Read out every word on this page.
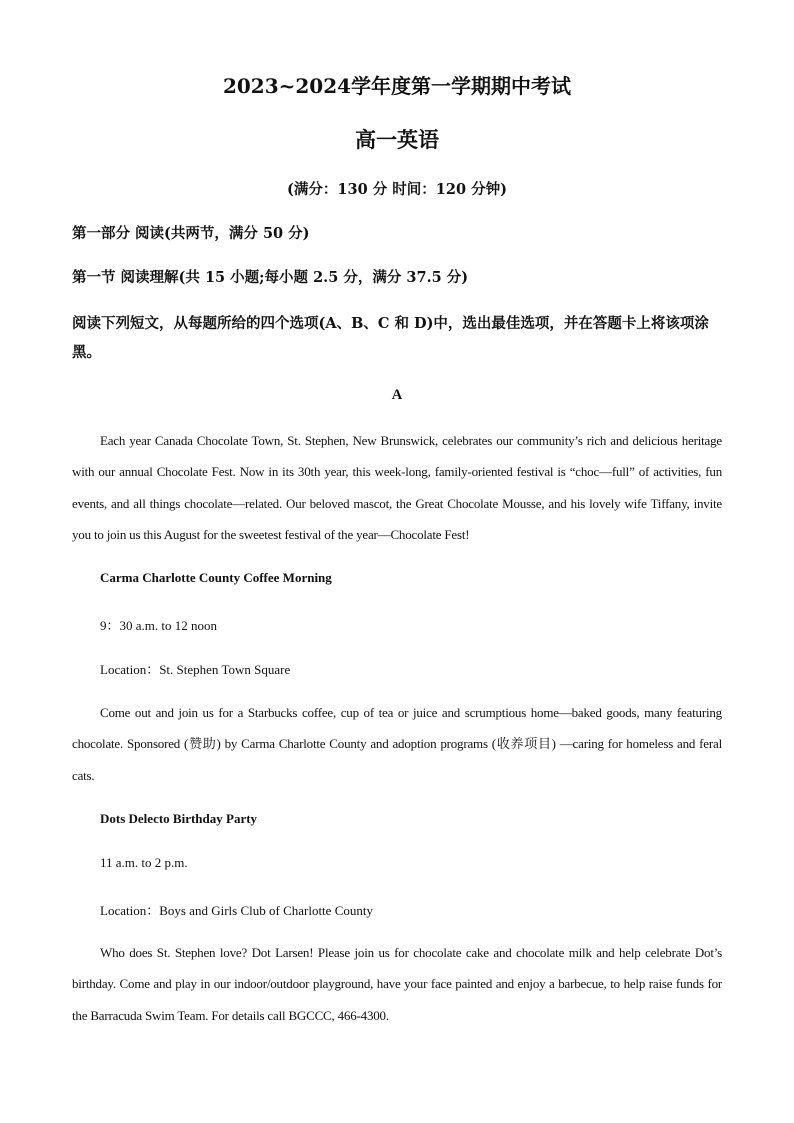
2023~2024学年度第一学期期中考试
高一英语
(满分：130 分 时间：120 分钟)
第一部分 阅读(共两节，满分 50 分)
第一节 阅读理解(共 15 小题;每小题 2.5 分，满分 37.5 分)
阅读下列短文，从每题所给的四个选项(A、B、C 和 D)中，选出最佳选项，并在答题卡上将该项涂黑。
A
Each year Canada Chocolate Town, St. Stephen, New Brunswick, celebrates our community’s rich and delicious heritage with our annual Chocolate Fest. Now in its 30th year, this week-long, family-oriented festival is “choc—full” of activities, fun events, and all things chocolate—related. Our beloved mascot, the Great Chocolate Mousse, and his lovely wife Tiffany, invite you to join us this August for the sweetest festival of the year—Chocolate Fest!
Carma Charlotte County Coffee Morning
9：30 a.m. to 12 noon
Location：St. Stephen Town Square
Come out and join us for a Starbucks coffee, cup of tea or juice and scrumptious home—baked goods, many featuring chocolate. Sponsored (赞助) by Carma Charlotte County and adoption programs (收养项目) —caring for homeless and feral cats.
Dots Delecto Birthday Party
11 a.m. to 2 p.m.
Location：Boys and Girls Club of Charlotte County
Who does St. Stephen love? Dot Larsen! Please join us for chocolate cake and chocolate milk and help celebrate Dot’s birthday. Come and play in our indoor/outdoor playground, have your face painted and enjoy a barbecue, to help raise funds for the Barracuda Swim Team. For details call BGCCC, 466-4300.
